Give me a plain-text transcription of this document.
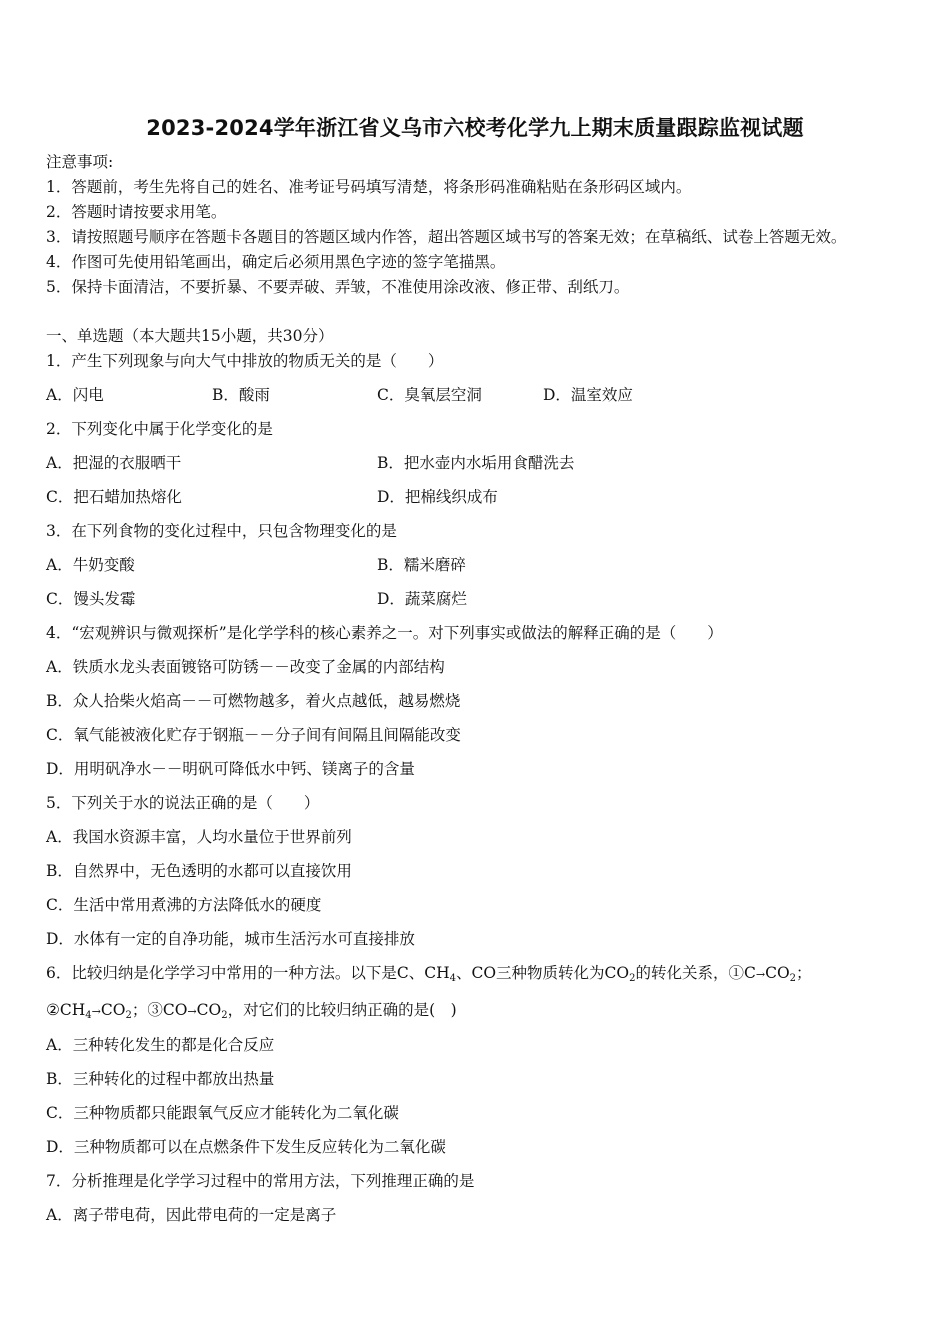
2023-2024学年浙江省义乌市六校考化学九上期末质量跟踪监视试题
注意事项:
1．答题前，考生先将自己的姓名、准考证号码填写清楚，将条形码准确粘贴在条形码区域内。
2．答题时请按要求用笔。
3．请按照题号顺序在答题卡各题目的答题区域内作答，超出答题区域书写的答案无效；在草稿纸、试卷上答题无效。
4．作图可先使用铅笔画出，确定后必须用黑色字迹的签字笔描黑。
5．保持卡面清洁，不要折暴、不要弄破、弄皱，不准使用涂改液、修正带、刮纸刀。
一、单选题（本大题共15小题，共30分）
1．产生下列现象与向大气中排放的物质无关的是（　　）
A．闪电	B．酸雨	C．臭氧层空洞	D．温室效应
2．下列变化中属于化学变化的是
A．把湿的衣服晒干	B．把水壶内水垢用食醋洗去
C．把石蜡加热熔化	D．把棉线织成布
3．在下列食物的变化过程中，只包含物理变化的是
A．牛奶变酸	B．糯米磨碎
C．馒头发霉	D．蔬菜腐烂
4．“宏观辨识与微观探析”是化学学科的核心素养之一。对下列事实或做法的解释正确的是（　　）
A．铁质水龙头表面镀铬可防锈－－改变了金属的内部结构
B．众人拾柴火焰高－－可燃物越多，着火点越低，越易燃烧
C．氧气能被液化贮存于钢瓶－－分子间有间隔且间隔能改变
D．用明矾净水－－明矾可降低水中钙、镁离子的含量
5．下列关于水的说法正确的是（　　）
A．我国水资源丰富，人均水量位于世界前列
B．自然界中，无色透明的水都可以直接饮用
C．生活中常用煮沸的方法降低水的硬度
D．水体有一定的自净功能，城市生活污水可直接排放
6．比较归纳是化学学习中常用的一种方法。以下是C、$CH_4$、CO三种物质转化为$CO_2$的转化关系，$①C\to CO_2$；
$②CH_4\to CO_2$；$③CO\to CO_2$，对它们的比较归纳正确的是(　)
A．三种转化发生的都是化合反应
B．三种转化的过程中都放出热量
C．三种物质都只能跟氧气反应才能转化为二氧化碳
D．三种物质都可以在点燃条件下发生反应转化为二氧化碳
7．分析推理是化学学习过程中的常用方法，下列推理正确的是
A．离子带电荷，因此带电荷的一定是离子
